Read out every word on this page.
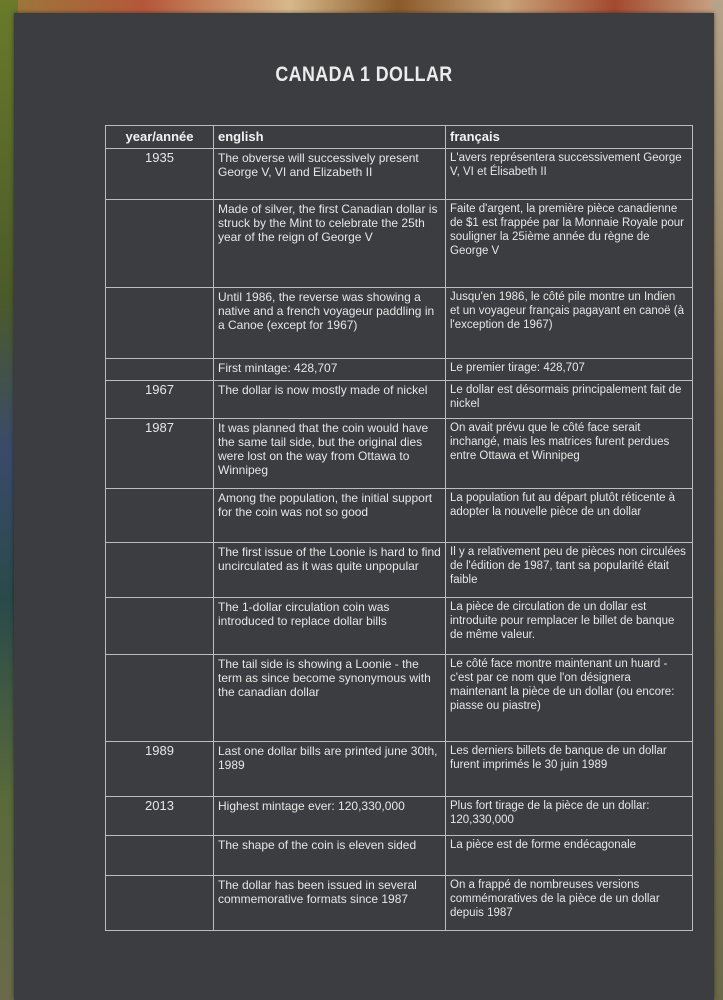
CANADA 1 DOLLAR
year/année	english	français
1935	The obverse will successively present George V, VI and Elizabeth II	L'avers représentera successivement George V, VI et Élisabeth II
	Made of silver, the first Canadian dollar is struck by the Mint to celebrate the 25th year of the reign of George V	Faite d'argent, la première pièce canadienne de $1 est frappée par la Monnaie Royale pour souligner la 25ième année du règne de George V
	Until 1986, the reverse was showing a native and a french voyageur paddling in a Canoe (except for 1967)	Jusqu'en 1986, le côté pile montre un Indien et un voyageur français pagayant en canoë (à l'exception de 1967)
	First mintage: 428,707	Le premier tirage: 428,707
1967	The dollar is now mostly made of nickel	Le dollar est désormais principalement fait de nickel
1987	It was planned that the coin would have the same tail side, but the original dies were lost on the way from Ottawa to Winnipeg	On avait prévu que le côté face serait inchangé, mais les matrices furent perdues entre Ottawa et Winnipeg
	Among the population, the initial support for the coin was not so good	La population fut au départ plutôt réticente à adopter la nouvelle pièce de un dollar
	The first issue of the Loonie is hard to find uncirculated as it was quite unpopular	Il y a relativement peu de pièces non circulées de l'édition de 1987, tant sa popularité était faible
	The 1-dollar circulation coin was introduced to replace dollar bills	La pièce de circulation de un dollar est introduite pour remplacer le billet de banque de même valeur.
	The tail side is showing a Loonie - the term as since become synonymous with the canadian dollar	Le côté face montre maintenant un huard - c'est par ce nom que l'on désignera maintenant la pièce de un dollar (ou encore: piasse ou piastre)
1989	Last one dollar bills are printed june 30th, 1989	Les derniers billets de banque de un dollar furent imprimés le 30 juin 1989
2013	Highest mintage ever: 120,330,000	Plus fort tirage de la pièce de un dollar: 120,330,000
	The shape of the coin is eleven sided	La pièce est de forme endécagonale
	The dollar has been issued in several commemorative formats since 1987	On a frappé de nombreuses versions commémoratives de la pièce de un dollar depuis 1987
